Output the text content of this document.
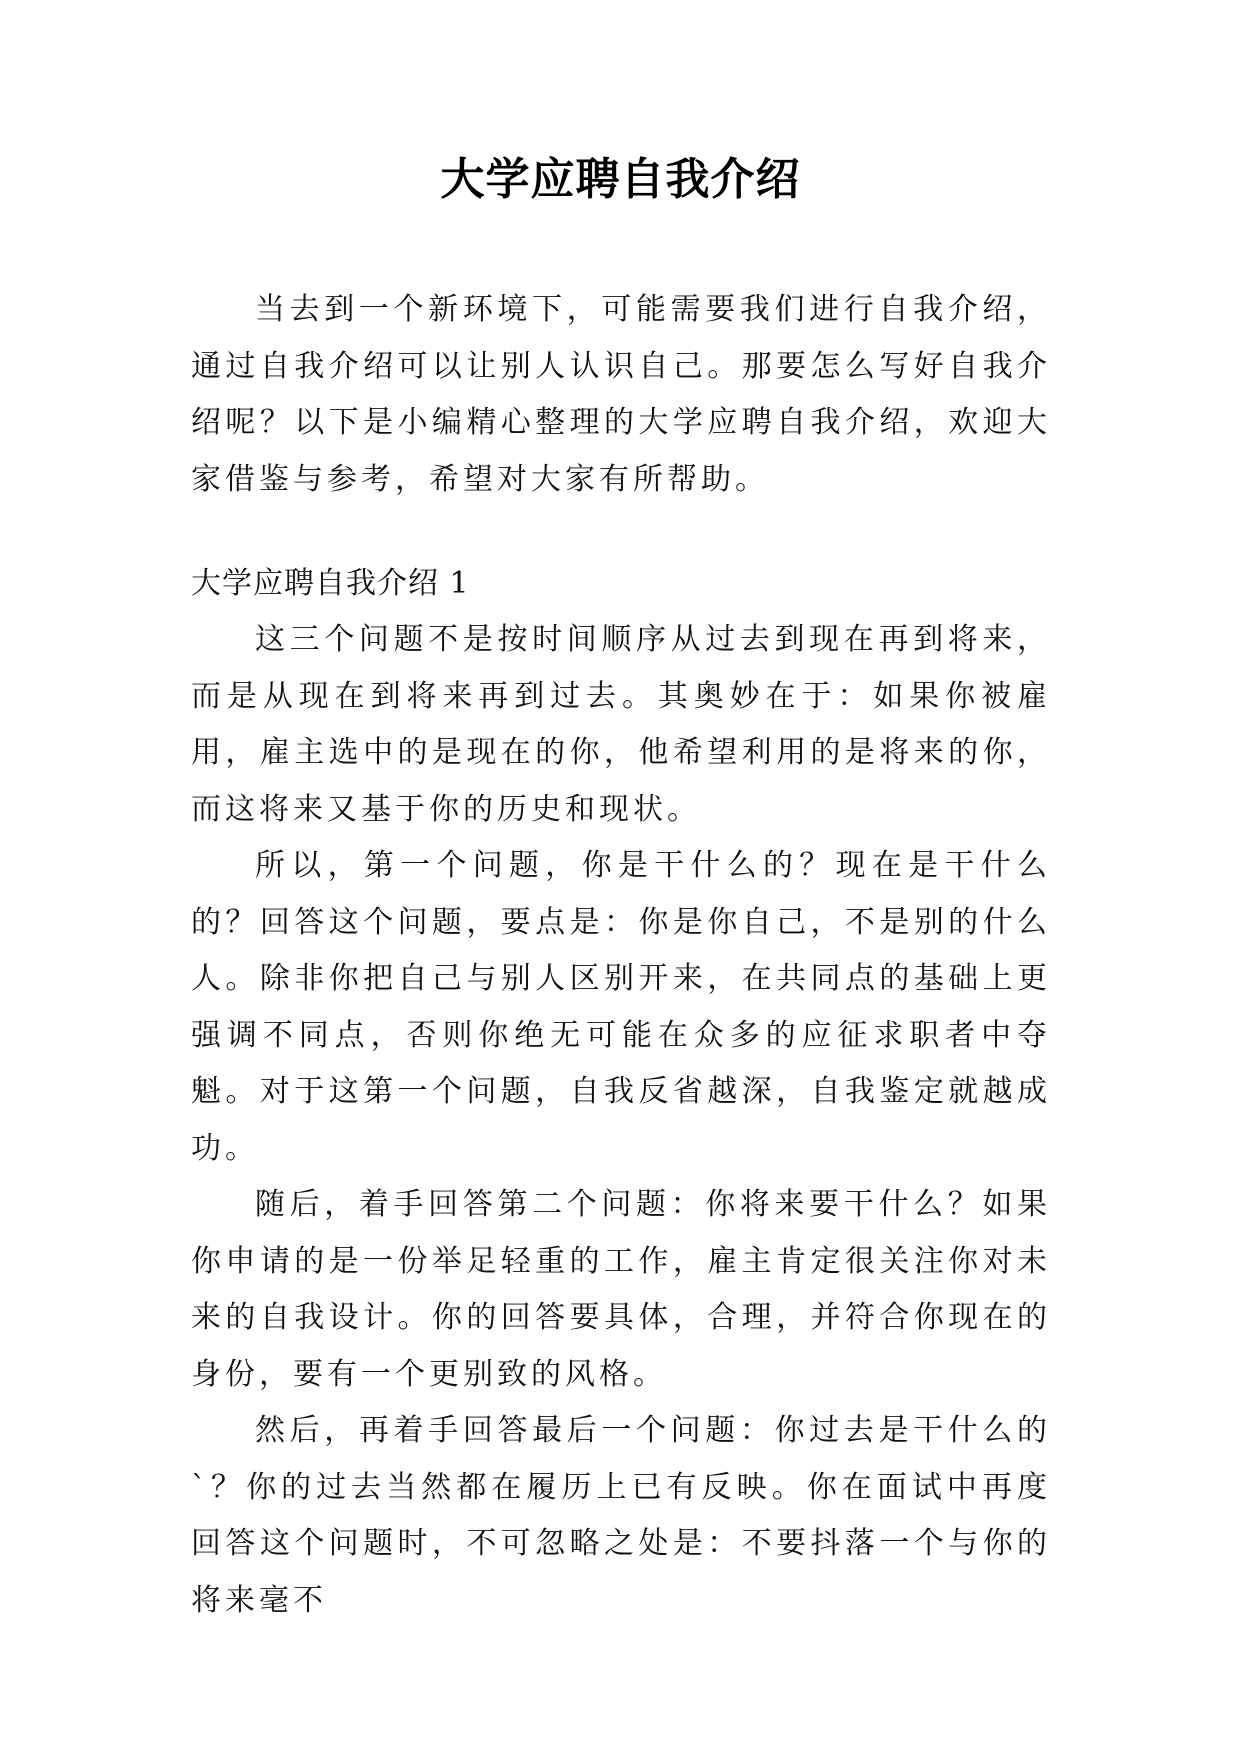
大学应聘自我介绍

当去到一个新环境下，可能需要我们进行自我介绍，通过自我介绍可以让别人认识自己。那要怎么写好自我介绍呢？以下是小编精心整理的大学应聘自我介绍，欢迎大家借鉴与参考，希望对大家有所帮助。

大学应聘自我介绍 1

这三个问题不是按时间顺序从过去到现在再到将来，而是从现在到将来再到过去。其奥妙在于：如果你被雇用，雇主选中的是现在的你，他希望利用的是将来的你，而这将来又基于你的历史和现状。

所以，第一个问题，你是干什么的？现在是干什么的？回答这个问题，要点是：你是你自己，不是别的什么人。除非你把自己与别人区别开来，在共同点的基础上更强调不同点，否则你绝无可能在众多的应征求职者中夺魁。对于这第一个问题，自我反省越深，自我鉴定就越成功。

随后，着手回答第二个问题：你将来要干什么？如果你申请的是一份举足轻重的工作，雇主肯定很关注你对未来的自我设计。你的回答要具体，合理，并符合你现在的身份，要有一个更别致的风格。

然后，再着手回答最后一个问题：你过去是干什么的`？你的过去当然都在履历上已有反映。你在面试中再度回答这个问题时，不可忽略之处是：不要抖落一个与你的将来毫不
